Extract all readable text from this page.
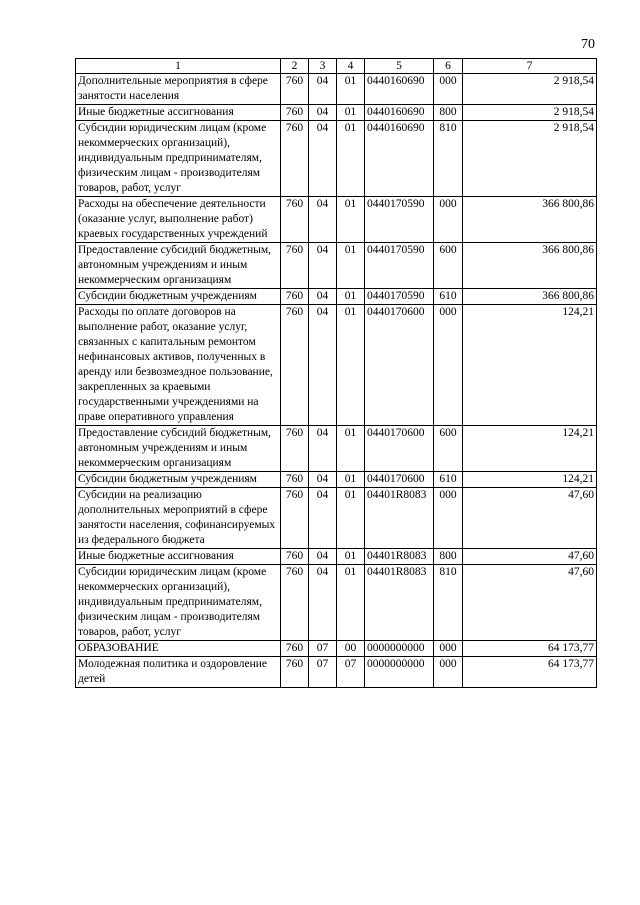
70
1	2	3	4	5	6	7
Дополнительные мероприятия в сфере занятости населения	760	04	01	0440160690	000	2 918,54
Иные бюджетные ассигнования	760	04	01	0440160690	800	2 918,54
Субсидии юридическим лицам (кроме некоммерческих организаций), индивидуальным предпринимателям, физическим лицам - производителям товаров, работ, услуг	760	04	01	0440160690	810	2 918,54
Расходы на обеспечение деятельности (оказание услуг, выполнение работ) краевых государственных учреждений	760	04	01	0440170590	000	366 800,86
Предоставление субсидий бюджетным, автономным учреждениям и иным некоммерческим организациям	760	04	01	0440170590	600	366 800,86
Субсидии бюджетным учреждениям	760	04	01	0440170590	610	366 800,86
Расходы по оплате договоров на выполнение работ, оказание услуг, связанных с капитальным ремонтом нефинансовых активов, полученных в аренду или безвозмездное пользование, закрепленных за краевыми государственными учреждениями на праве оперативного управления	760	04	01	0440170600	000	124,21
Предоставление субсидий бюджетным, автономным учреждениям и иным некоммерческим организациям	760	04	01	0440170600	600	124,21
Субсидии бюджетным учреждениям	760	04	01	0440170600	610	124,21
Субсидии на реализацию дополнительных мероприятий в сфере занятости населения, софинансируемых из федерального бюджета	760	04	01	04401R8083	000	47,60
Иные бюджетные ассигнования	760	04	01	04401R8083	800	47,60
Субсидии юридическим лицам (кроме некоммерческих организаций), индивидуальным предпринимателям, физическим лицам - производителям товаров, работ, услуг	760	04	01	04401R8083	810	47,60
ОБРАЗОВАНИЕ	760	07	00	0000000000	000	64 173,77
Молодежная политика и оздоровление детей	760	07	07	0000000000	000	64 173,77
